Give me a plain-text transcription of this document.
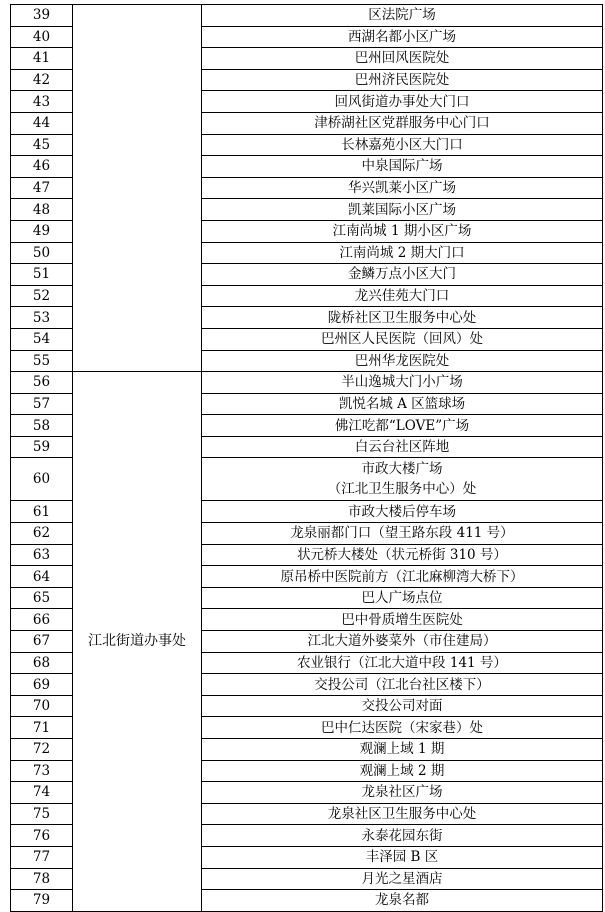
39		区法院广场
40		西湖名都小区广场
41		巴州回风医院处
42		巴州济民医院处
43		回风街道办事处大门口
44		津桥湖社区党群服务中心门口
45		长林嘉苑小区大门口
46		中泉国际广场
47		华兴凯莱小区广场
48		凯莱国际小区广场
49		江南尚城 1 期小区广场
50		江南尚城 2 期大门口
51		金鳞万点小区大门
52		龙兴佳苑大门口
53		陇桥社区卫生服务中心处
54		巴州区人民医院（回风）处
55		巴州华龙医院处
56	江北街道办事处	半山逸城大门小广场
57		凯悦名城 A 区篮球场
58		佛江吃都“LOVE”广场
59		白云台社区阵地
60		市政大楼广场
（江北卫生服务中心）处

61		市政大楼后停车场
62		龙泉丽都门口（望王路东段 411 号）
63		状元桥大楼处（状元桥街 310 号）
64		原吊桥中医院前方（江北麻柳湾大桥下）
65		巴人广场点位
66		巴中骨质增生医院处
67		江北大道外婆菜外（市住建局）
68		农业银行（江北大道中段 141 号）
69		交投公司（江北台社区楼下）
70		交投公司对面
71		巴中仁达医院（宋家巷）处
72		观澜上域 1 期
73		观澜上域 2 期
74		龙泉社区广场
75		龙泉社区卫生服务中心处
76		永泰花园东街
77		丰泽园 B 区
78		月光之星酒店
79		龙泉名都
